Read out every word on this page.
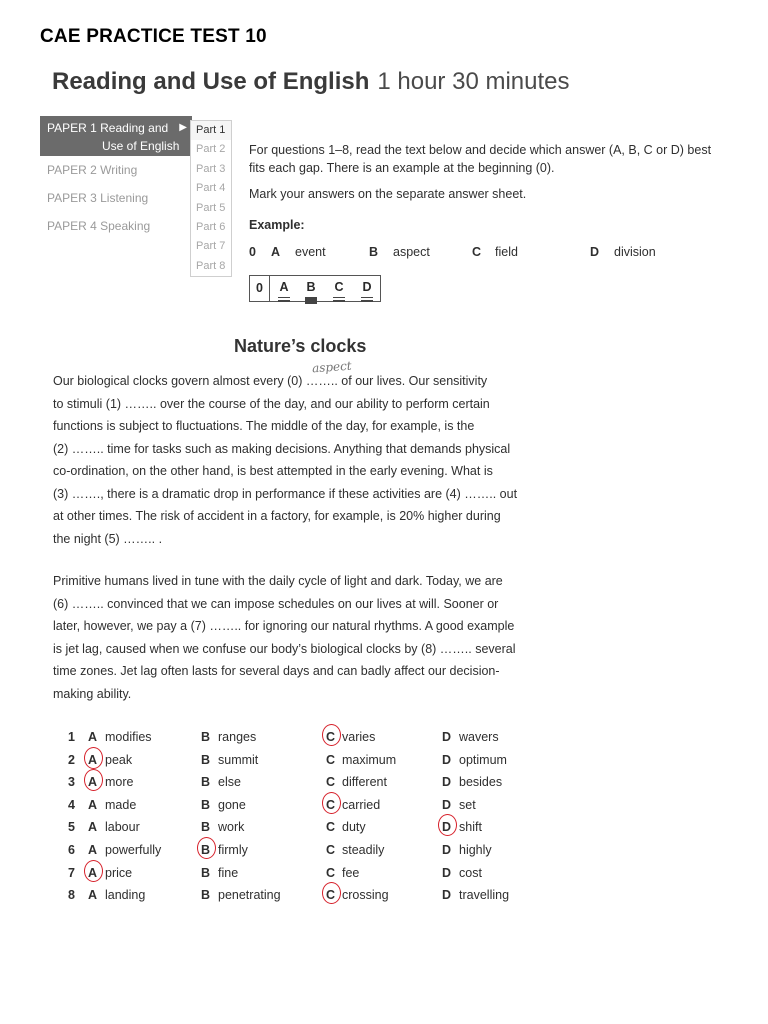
CAE PRACTICE TEST 10
Reading and Use of English 1 hour 30 minutes
PAPER 1 Reading and ▶
Use of English
PAPER 2 Writing
PAPER 3 Listening
PAPER 4 Speaking
Part 1
Part 2
Part 3
Part 4
Part 5
Part 6
Part 7
Part 8

For questions 1–8, read the text below and decide which answer (A, B, C or D) best fits each gap. There is an example at the beginning (0).

Mark your answers on the separate answer sheet.

Example:
0 A event	B aspect	C field	D division
0	A B C D
Nature’s clocks
aspect
Our biological clocks govern almost every (0) …….. of our lives. Our sensitivity
to stimuli (1) …….. over the course of the day, and our ability to perform certain
functions is subject to fluctuations. The middle of the day, for example, is the
(2) …….. time for tasks such as making decisions. Anything that demands physical
co-ordination, on the other hand, is best attempted in the early evening. What is
(3) ……., there is a dramatic drop in performance if these activities are (4) …….. out
at other times. The risk of accident in a factory, for example, is 20% higher during
the night (5) …….. .
Primitive humans lived in tune with the daily cycle of light and dark. Today, we are
(6) …….. convinced that we can impose schedules on our lives at will. Sooner or
later, however, we pay a (7) …….. for ignoring our natural rhythms. A good example
is jet lag, caused when we confuse our body’s biological clocks by (8) …….. several
time zones. Jet lag often lasts for several days and can badly affect our decision-
making ability.
1 A modifies	B ranges	C varies	D wavers
2 A peak	B summit	C maximum	D optimum
3 A more	B else	C different	D besides
4 A made	B gone	C carried	D set
5 A labour	B work	C duty	D shift
6 A powerfully	B firmly	C steadily	D highly
7 A price	B fine	C fee	D cost
8 A landing	B penetrating	C crossing	D travelling
